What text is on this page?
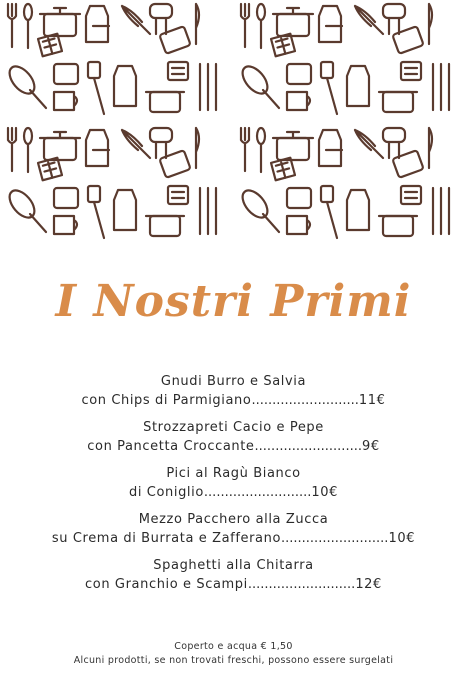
I Nostri Primi
Gnudi Burro e Salvia
con Chips di Parmigiano..........................11€
Strozzapreti Cacio e Pepe
con Pancetta Croccante..........................9€
Pici al Ragù Bianco
di Coniglio..........................10€
Mezzo Pacchero alla Zucca
su Crema di Burrata e Zafferano..........................10€
Spaghetti alla Chitarra
con Granchio e Scampi..........................12€
Coperto e acqua € 1,50
Alcuni prodotti, se non trovati freschi, possono essere surgelati
